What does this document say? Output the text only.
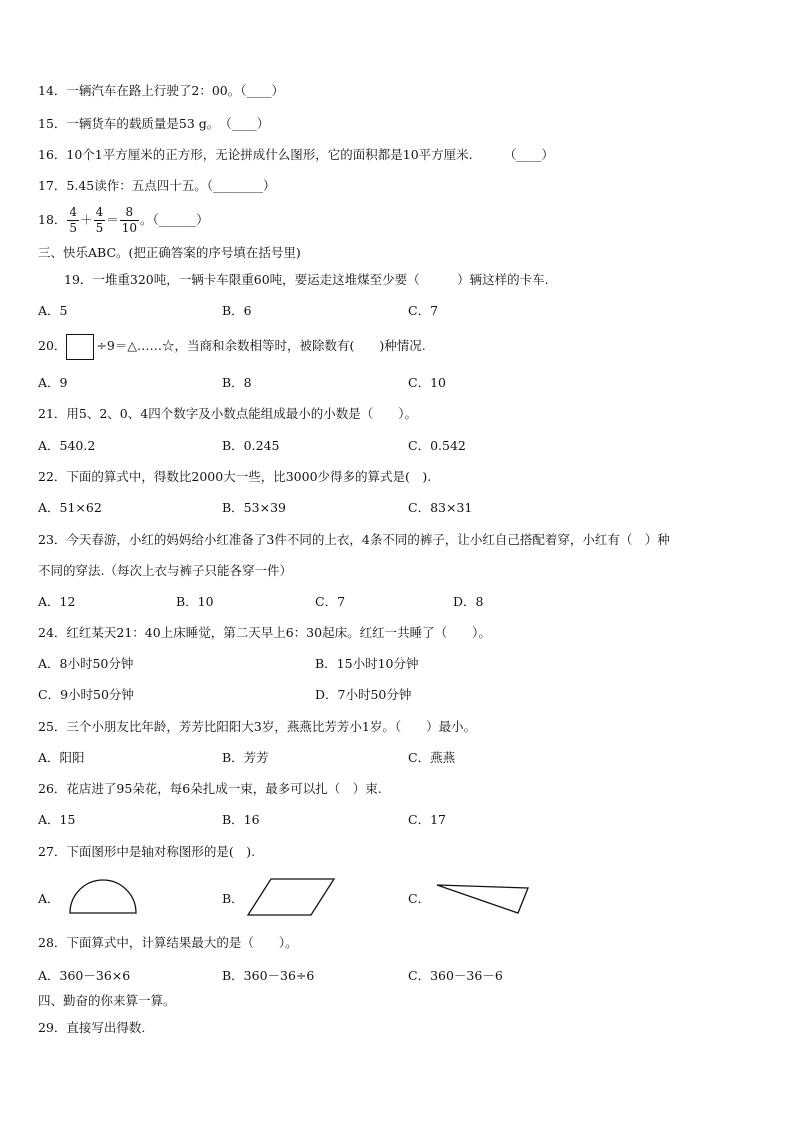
14．一辆汽车在路上行驶了2：00。（____）
15．一辆货车的载质量是53 g。　（____）
16．10个1平方厘米的正方形，无论拼成什么图形，它的面积都是10平方厘米.　　　（____）
17．5.45读作：五点四十五。（________）
18． $\frac{4}{5} + \frac{4}{5} = \frac{8}{10}$ 。（______）
三、快乐ABC。(把正确答案的序号填在括号里)
19．一堆重320吨，一辆卡车限重60吨，要运走这堆煤至少要（　　　）辆这样的卡车.
A．5	B．6	C．7
20． ÷9＝△……☆，当商和余数相等时，被除数有(　　)种情况.
A．9	B．8	C．10
21．用5、2、0、4四个数字及小数点能组成最小的小数是（　　）。
A．540.2	B．0.245	C．0.542
22．下面的算式中，得数比2000大一些，比3000少得多的算式是(　).
A．51×62	B．53×39	C．83×31
23．今天春游，小红的妈妈给小红准备了3件不同的上衣，4条不同的裤子，让小红自己搭配着穿，小红有（　）种
不同的穿法.（每次上衣与裤子只能各穿一件）
A．12	B．10	C．7	D．8
24．红红某天21：40上床睡觉，第二天早上6：30起床。红红一共睡了（　　）。
A．8小时50分钟	B．15小时10分钟
C．9小时50分钟	D．7小时50分钟
25．三个小朋友比年龄，芳芳比阳阳大3岁，燕燕比芳芳小1岁。（　　）最小。
A．阳阳	B．芳芳	C．燕燕
26．花店进了95朵花，每6朵扎成一束，最多可以扎（　）束.
A．15	B．16	C．17
27．下面图形中是轴对称图形的是(　).
A．	B．	C．
28．下面算式中，计算结果最大的是（　　）。
A．360－36×6	B．360－36÷6	C．360－36－6
四、勤奋的你来算一算。
29．直接写出得数.
